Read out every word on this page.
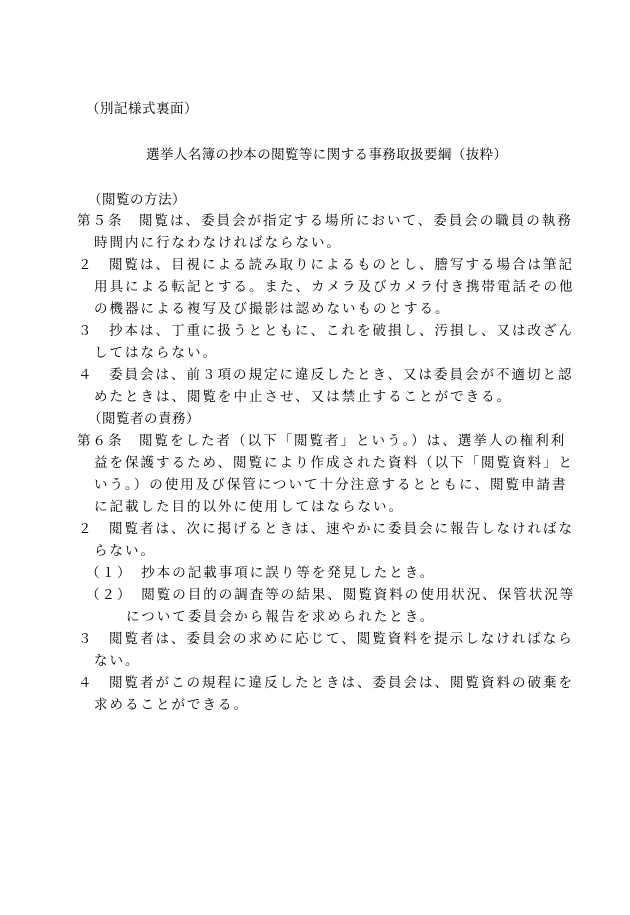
（別記様式裏面）
選挙人名簿の抄本の閲覧等に関する事務取扱要綱（抜粋）
（閲覧の方法）
第５条　閲覧は、委員会が指定する場所において、委員会の職員の執務
時間内に行なわなければならない。
２　閲覧は、目視による読み取りによるものとし、謄写する場合は筆記
用具による転記とする。また、カメラ及びカメラ付き携帯電話その他
の機器による複写及び撮影は認めないものとする。
３　抄本は、丁重に扱うとともに、これを破損し、汚損し、又は改ざん
してはならない。
４　委員会は、前３項の規定に違反したとき、又は委員会が不適切と認
めたときは、閲覧を中止させ、又は禁止することができる。
（閲覧者の責務）
第６条　閲覧をした者（以下「閲覧者」という。）は、選挙人の権利利
益を保護するため、閲覧により作成された資料（以下「閲覧資料」と
いう。）の使用及び保管について十分注意するとともに、閲覧申請書
に記載した目的以外に使用してはならない。
２　閲覧者は、次に掲げるときは、速やかに委員会に報告しなければな
らない。
（１）　抄本の記載事項に誤り等を発見したとき。
（２）　閲覧の目的の調査等の結果、閲覧資料の使用状況、保管状況等
について委員会から報告を求められたとき。
３　閲覧者は、委員会の求めに応じて、閲覧資料を提示しなければなら
ない。
４　閲覧者がこの規程に違反したときは、委員会は、閲覧資料の破棄を
求めることができる。
